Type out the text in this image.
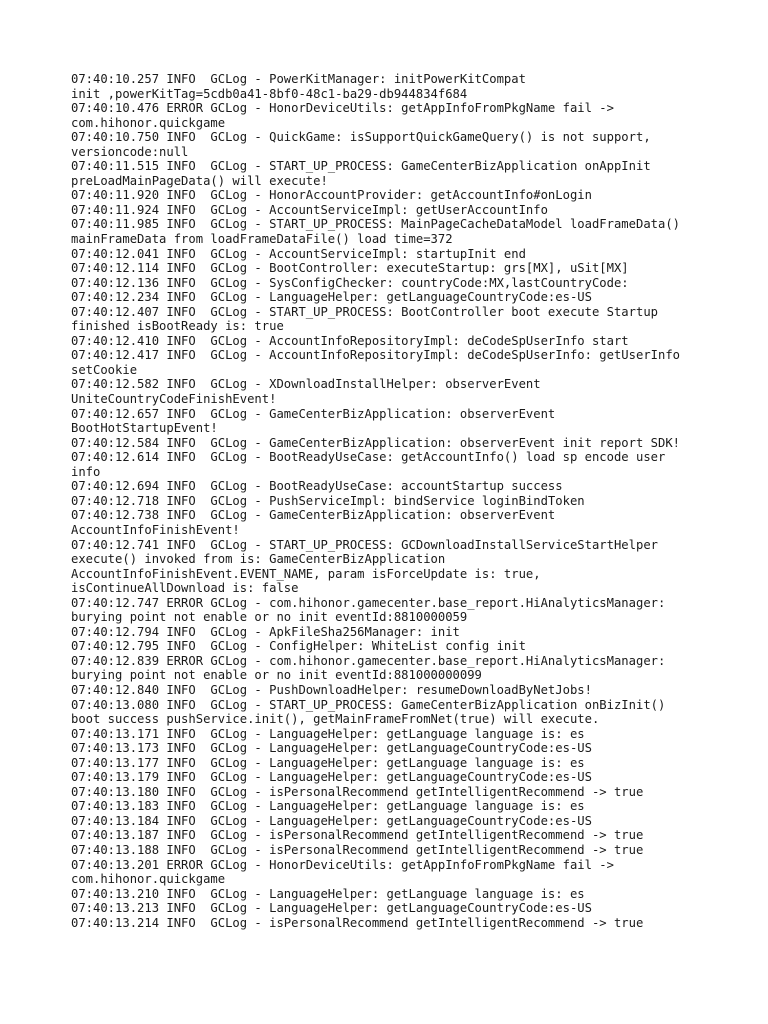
07:40:10.257 INFO  GCLog - PowerKitManager: initPowerKitCompat
init ,powerKitTag=5cdb0a41-8bf0-48c1-ba29-db944834f684
07:40:10.476 ERROR GCLog - HonorDeviceUtils: getAppInfoFromPkgName fail ->
com.hihonor.quickgame
07:40:10.750 INFO  GCLog - QuickGame: isSupportQuickGameQuery() is not support,
versioncode:null
07:40:11.515 INFO  GCLog - START_UP_PROCESS: GameCenterBizApplication onAppInit
preLoadMainPageData() will execute!
07:40:11.920 INFO  GCLog - HonorAccountProvider: getAccountInfo#onLogin
07:40:11.924 INFO  GCLog - AccountServiceImpl: getUserAccountInfo
07:40:11.985 INFO  GCLog - START_UP_PROCESS: MainPageCacheDataModel loadFrameData()
mainFrameData from loadFrameDataFile() load time=372
07:40:12.041 INFO  GCLog - AccountServiceImpl: startupInit end
07:40:12.114 INFO  GCLog - BootController: executeStartup: grs[MX], uSit[MX]
07:40:12.136 INFO  GCLog - SysConfigChecker: countryCode:MX,lastCountryCode:
07:40:12.234 INFO  GCLog - LanguageHelper: getLanguageCountryCode:es-US
07:40:12.407 INFO  GCLog - START_UP_PROCESS: BootController boot execute Startup
finished isBootReady is: true
07:40:12.410 INFO  GCLog - AccountInfoRepositoryImpl: deCodeSpUserInfo start
07:40:12.417 INFO  GCLog - AccountInfoRepositoryImpl: deCodeSpUserInfo: getUserInfo
setCookie
07:40:12.582 INFO  GCLog - XDownloadInstallHelper: observerEvent
UniteCountryCodeFinishEvent!
07:40:12.657 INFO  GCLog - GameCenterBizApplication: observerEvent
BootHotStartupEvent!
07:40:12.584 INFO  GCLog - GameCenterBizApplication: observerEvent init report SDK!
07:40:12.614 INFO  GCLog - BootReadyUseCase: getAccountInfo() load sp encode user
info
07:40:12.694 INFO  GCLog - BootReadyUseCase: accountStartup success
07:40:12.718 INFO  GCLog - PushServiceImpl: bindService loginBindToken
07:40:12.738 INFO  GCLog - GameCenterBizApplication: observerEvent
AccountInfoFinishEvent!
07:40:12.741 INFO  GCLog - START_UP_PROCESS: GCDownloadInstallServiceStartHelper
execute() invoked from is: GameCenterBizApplication
AccountInfoFinishEvent.EVENT_NAME, param isForceUpdate is: true,
isContinueAllDownload is: false
07:40:12.747 ERROR GCLog - com.hihonor.gamecenter.base_report.HiAnalyticsManager:
burying point not enable or no init eventId:8810000059
07:40:12.794 INFO  GCLog - ApkFileSha256Manager: init
07:40:12.795 INFO  GCLog - ConfigHelper: WhiteList config init
07:40:12.839 ERROR GCLog - com.hihonor.gamecenter.base_report.HiAnalyticsManager:
burying point not enable or no init eventId:881000000099
07:40:12.840 INFO  GCLog - PushDownloadHelper: resumeDownloadByNetJobs!
07:40:13.080 INFO  GCLog - START_UP_PROCESS: GameCenterBizApplication onBizInit()
boot success pushService.init(), getMainFrameFromNet(true) will execute.
07:40:13.171 INFO  GCLog - LanguageHelper: getLanguage language is: es
07:40:13.173 INFO  GCLog - LanguageHelper: getLanguageCountryCode:es-US
07:40:13.177 INFO  GCLog - LanguageHelper: getLanguage language is: es
07:40:13.179 INFO  GCLog - LanguageHelper: getLanguageCountryCode:es-US
07:40:13.180 INFO  GCLog - isPersonalRecommend getIntelligentRecommend -> true
07:40:13.183 INFO  GCLog - LanguageHelper: getLanguage language is: es
07:40:13.184 INFO  GCLog - LanguageHelper: getLanguageCountryCode:es-US
07:40:13.187 INFO  GCLog - isPersonalRecommend getIntelligentRecommend -> true
07:40:13.188 INFO  GCLog - isPersonalRecommend getIntelligentRecommend -> true
07:40:13.201 ERROR GCLog - HonorDeviceUtils: getAppInfoFromPkgName fail ->
com.hihonor.quickgame
07:40:13.210 INFO  GCLog - LanguageHelper: getLanguage language is: es
07:40:13.213 INFO  GCLog - LanguageHelper: getLanguageCountryCode:es-US
07:40:13.214 INFO  GCLog - isPersonalRecommend getIntelligentRecommend -> true
